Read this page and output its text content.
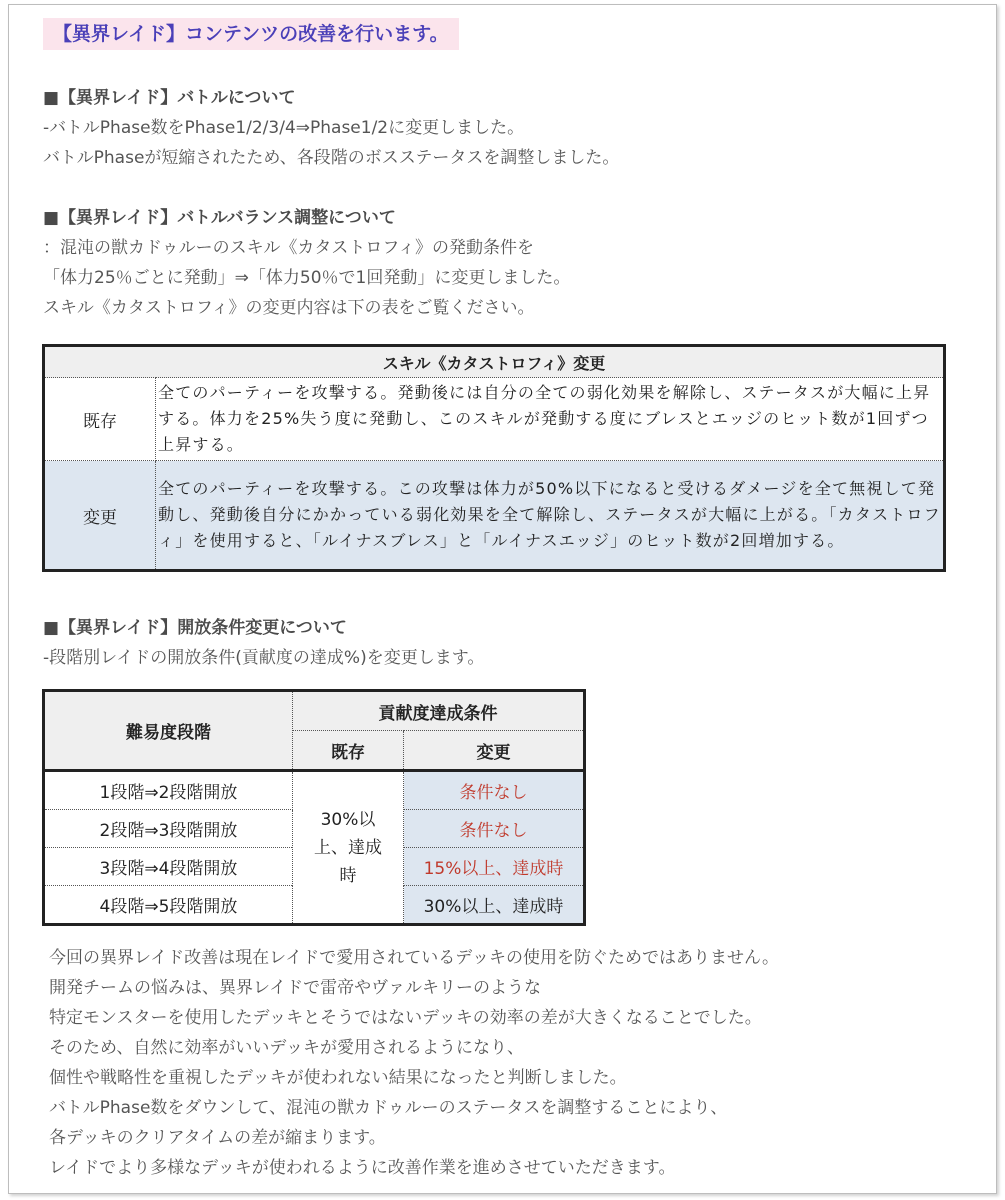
【異界レイド】コンテンツの改善を行います。
■【異界レイド】バトルについて
-バトルPhase数をPhase1/2/3/4⇒Phase1/2に変更しました。
バトルPhaseが短縮されたため、各段階のボスステータスを調整しました。
■【異界レイド】バトルバランス調整について
：混沌の獣カドゥルーのスキル《カタストロフィ》の発動条件を
「体力25％ごとに発動」⇒「体力50％で1回発動」に変更しました。
スキル《カタストロフィ》の変更内容は下の表をご覧ください。
スキル《カタストロフィ》変更	
既存	全てのパーティーを攻撃する。発動後には自分の全ての弱化効果を解除し、ステータスが大幅に上昇する。体力を25%失う度に発動し、このスキルが発動する度にブレスとエッジのヒット数が1回ずつ上昇する。
変更	全てのパーティーを攻撃する。この攻撃は体力が50%以下になると受けるダメージを全て無視して発動し、発動後自分にかかっている弱化効果を全て解除し、ステータスが大幅に上がる。「カタストロフィ」を使用すると、「ルイナスブレス」と「ルイナスエッジ」のヒット数が2回増加する。
■【異界レイド】開放条件変更について
-段階別レイドの開放条件(貢献度の達成%)を変更します。
難易度段階	貢献度達成条件	
	既存	変更
1段階⇒2段階開放	30%以上、達成時	条件なし
2段階⇒3段階開放		条件なし
3段階⇒4段階開放		15%以上、達成時
4段階⇒5段階開放		30%以上、達成時
今回の異界レイド改善は現在レイドで愛用されているデッキの使用を防ぐためではありません。
開発チームの悩みは、異界レイドで雷帝やヴァルキリーのような
特定モンスターを使用したデッキとそうではないデッキの効率の差が大きくなることでした。
そのため、自然に効率がいいデッキが愛用されるようになり、
個性や戦略性を重視したデッキが使われない結果になったと判断しました。
バトルPhase数をダウンして、混沌の獣カドゥルーのステータスを調整することにより、
各デッキのクリアタイムの差が縮まります。
レイドでより多様なデッキが使われるように改善作業を進めさせていただきます。
